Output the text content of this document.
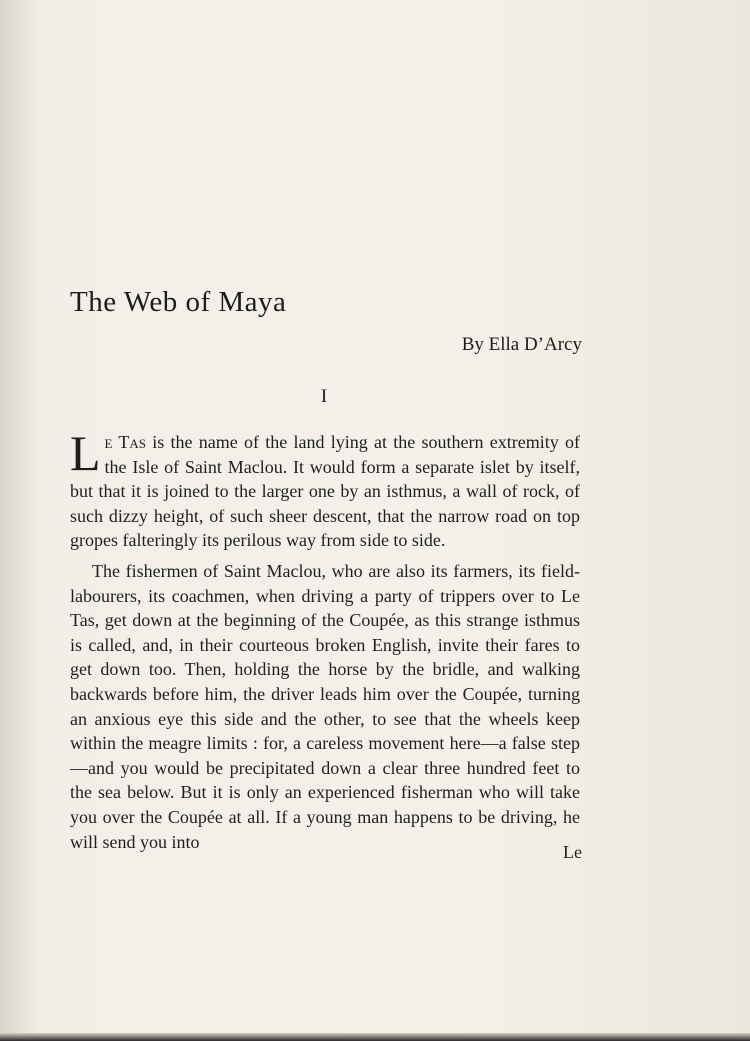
The Web of Maya

By Ella D’Arcy

I

Le Tas is the name of the land lying at the southern extremity of the Isle of Saint Maclou. It would form a separate islet by itself, but that it is joined to the larger one by an isthmus, a wall of rock, of such dizzy height, of such sheer descent, that the narrow road on top gropes falteringly its perilous way from side to side.

The fishermen of Saint Maclou, who are also its farmers, its field-labourers, its coachmen, when driving a party of trippers over to Le Tas, get down at the beginning of the Coupée, as this strange isthmus is called, and, in their courteous broken English, invite their fares to get down too. Then, holding the horse by the bridle, and walking backwards before him, the driver leads him over the Coupée, turning an anxious eye this side and the other, to see that the wheels keep within the meagre limits : for, a careless movement here—a false step—and you would be precipitated down a clear three hundred feet to the sea below. But it is only an experienced fisherman who will take you over the Coupée at all. If a young man happens to be driving, he will send you into

Le
